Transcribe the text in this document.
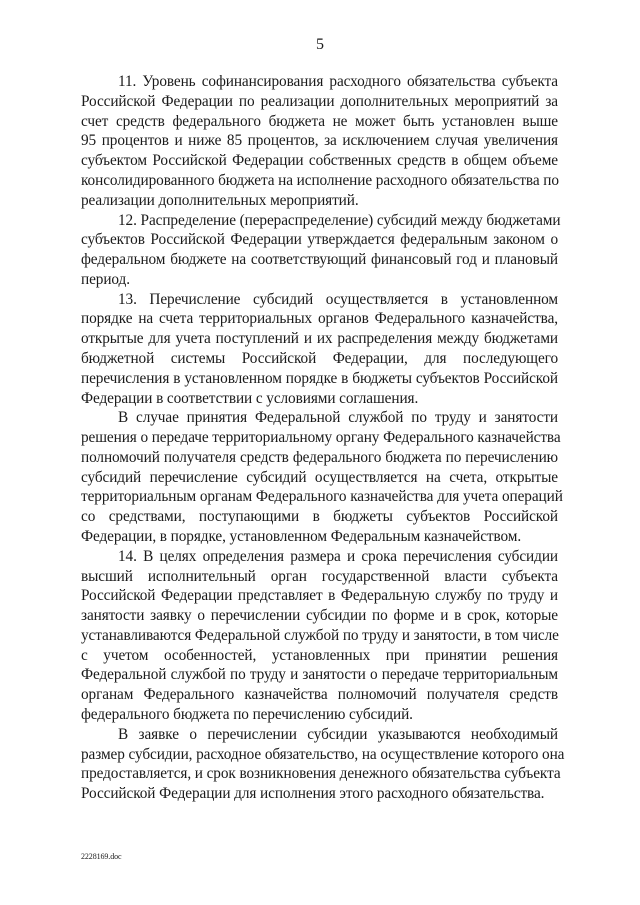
5
11. Уровень софинансирования расходного обязательства субъекта
Российской Федерации по реализации дополнительных мероприятий за
счет средств федерального бюджета не может быть установлен выше
95 процентов и ниже 85 процентов, за исключением случая увеличения
субъектом Российской Федерации собственных средств в общем объеме
консолидированного бюджета на исполнение расходного обязательства по
реализации дополнительных мероприятий.
12. Распределение (перераспределение) субсидий между бюджетами
субъектов Российской Федерации утверждается федеральным законом о
федеральном бюджете на соответствующий финансовый год и плановый
период.
13. Перечисление субсидий осуществляется в установленном
порядке на счета территориальных органов Федерального казначейства,
открытые для учета поступлений и их распределения между бюджетами
бюджетной системы Российской Федерации, для последующего
перечисления в установленном порядке в бюджеты субъектов Российской
Федерации в соответствии с условиями соглашения.
В случае принятия Федеральной службой по труду и занятости
решения о передаче территориальному органу Федерального казначейства
полномочий получателя средств федерального бюджета по перечислению
субсидий перечисление субсидий осуществляется на счета, открытые
территориальным органам Федерального казначейства для учета операций
со средствами, поступающими в бюджеты субъектов Российской
Федерации, в порядке, установленном Федеральным казначейством.
14. В целях определения размера и срока перечисления субсидии
высший исполнительный орган государственной власти субъекта
Российской Федерации представляет в Федеральную службу по труду и
занятости заявку о перечислении субсидии по форме и в срок, которые
устанавливаются Федеральной службой по труду и занятости, в том числе
с учетом особенностей, установленных при принятии решения
Федеральной службой по труду и занятости о передаче территориальным
органам Федерального казначейства полномочий получателя средств
федерального бюджета по перечислению субсидий.
В заявке о перечислении субсидии указываются необходимый
размер субсидии, расходное обязательство, на осуществление которого она
предоставляется, и срок возникновения денежного обязательства субъекта
Российской Федерации для исполнения этого расходного обязательства.
2228169.doc
